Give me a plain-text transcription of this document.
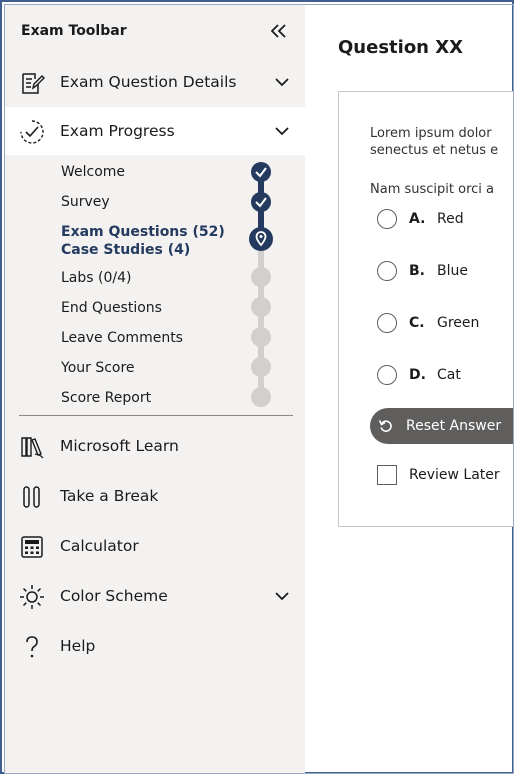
Exam Toolbar
Exam Question Details
Exam Progress
Welcome
Survey
Exam Questions (52)
Case Studies (4)
Labs (0/4)
End Questions
Leave Comments
Your Score
Score Report
Microsoft Learn
Take a Break
Calculator
Color Scheme
Help
Question XX
Lorem ipsum dolor
senectus et netus e
Nam suscipit orci a
A. Red
B. Blue
C. Green
D. Cat
Reset Answer
Review Later
